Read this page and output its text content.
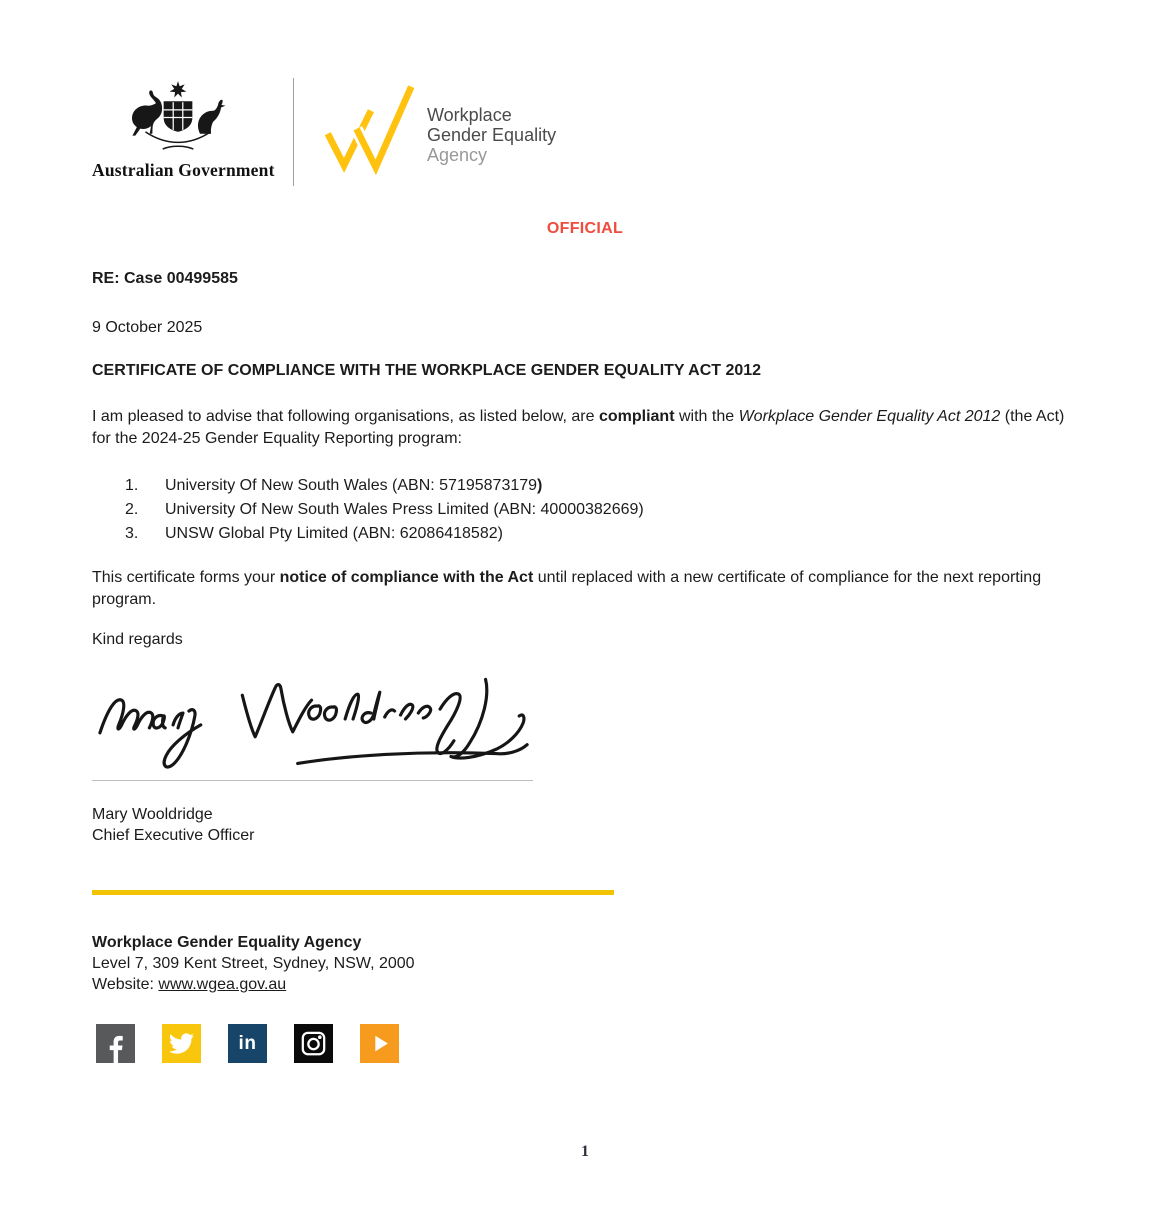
Australian Government
Workplace
Gender Equality
Agency
OFFICIAL
RE: Case 00499585
9 October 2025
CERTIFICATE OF COMPLIANCE WITH THE WORKPLACE GENDER EQUALITY ACT 2012
I am pleased to advise that following organisations, as listed below, are compliant with the Workplace Gender Equality Act 2012 (the Act) for the 2024-25 Gender Equality Reporting program:
1.	University Of New South Wales (ABN: 57195873179)
2.	University Of New South Wales Press Limited (ABN: 40000382669)
3.	UNSW Global Pty Limited (ABN: 62086418582)
This certificate forms your notice of compliance with the Act until replaced with a new certificate of compliance for the next reporting program.
Kind regards
Mary Wooldridge
Chief Executive Officer
Workplace Gender Equality Agency
Level 7, 309 Kent Street, Sydney, NSW, 2000
Website: www.wgea.gov.au
in
1
